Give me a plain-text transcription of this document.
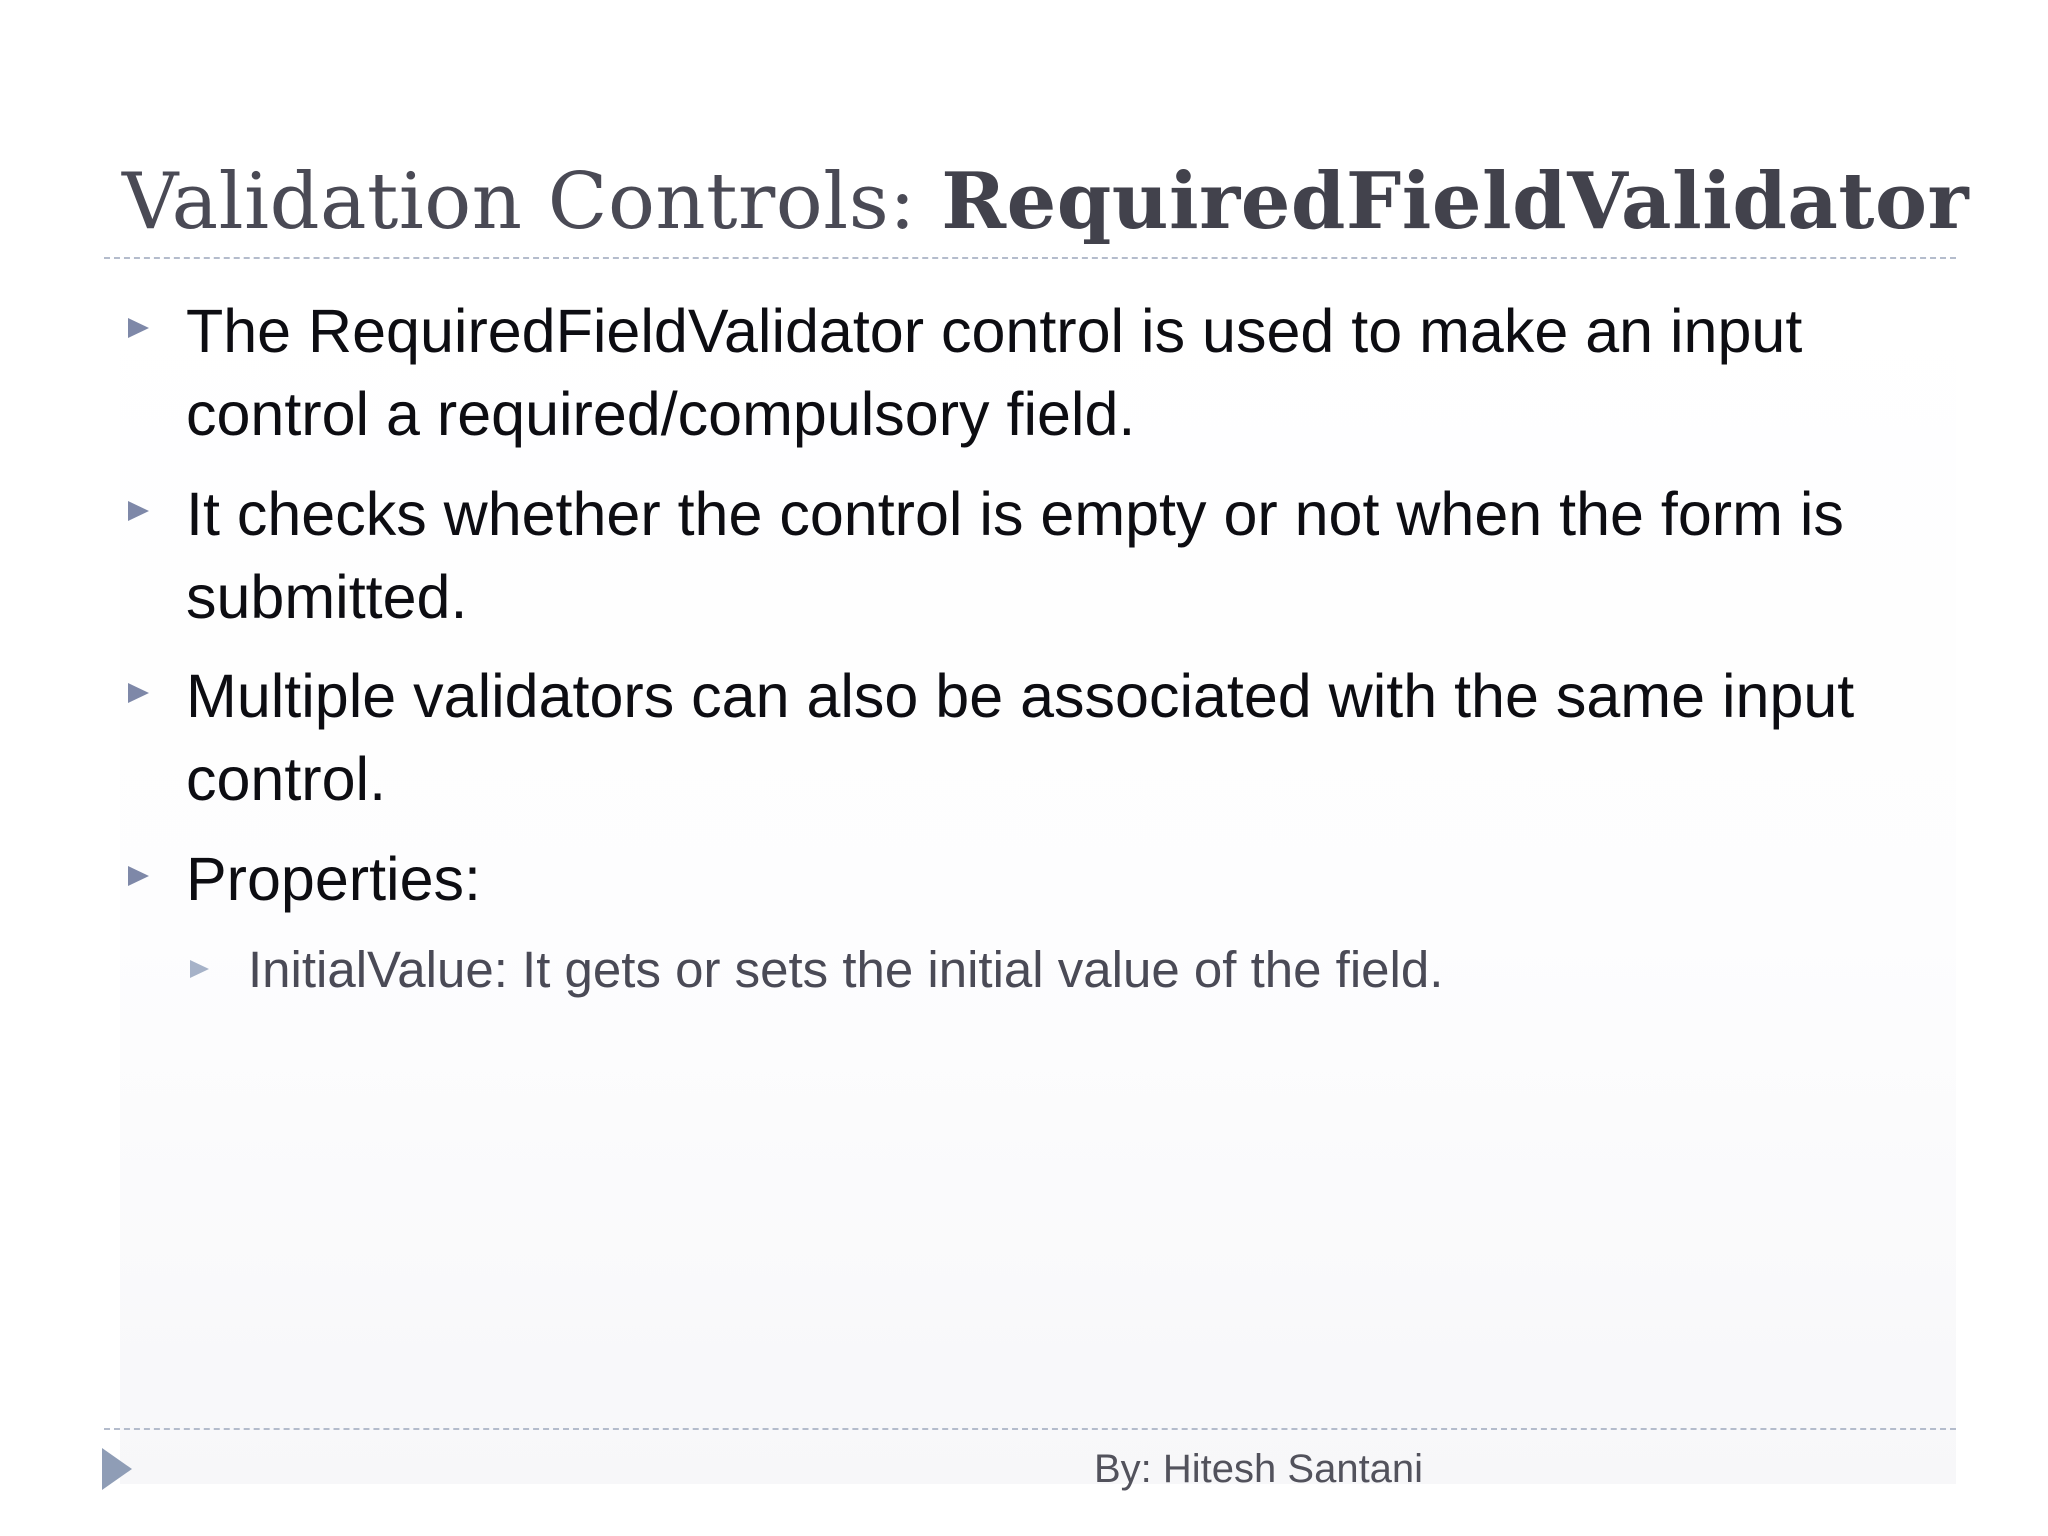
Validation Controls: RequiredFieldValidator
The RequiredFieldValidator control is used to make an input control a required/compulsory field.
It checks whether the control is empty or not when the form is submitted.
Multiple validators can also be associated with the same input control.
Properties:
InitialValue: It gets or sets the initial value of the field.
By: Hitesh Santani
